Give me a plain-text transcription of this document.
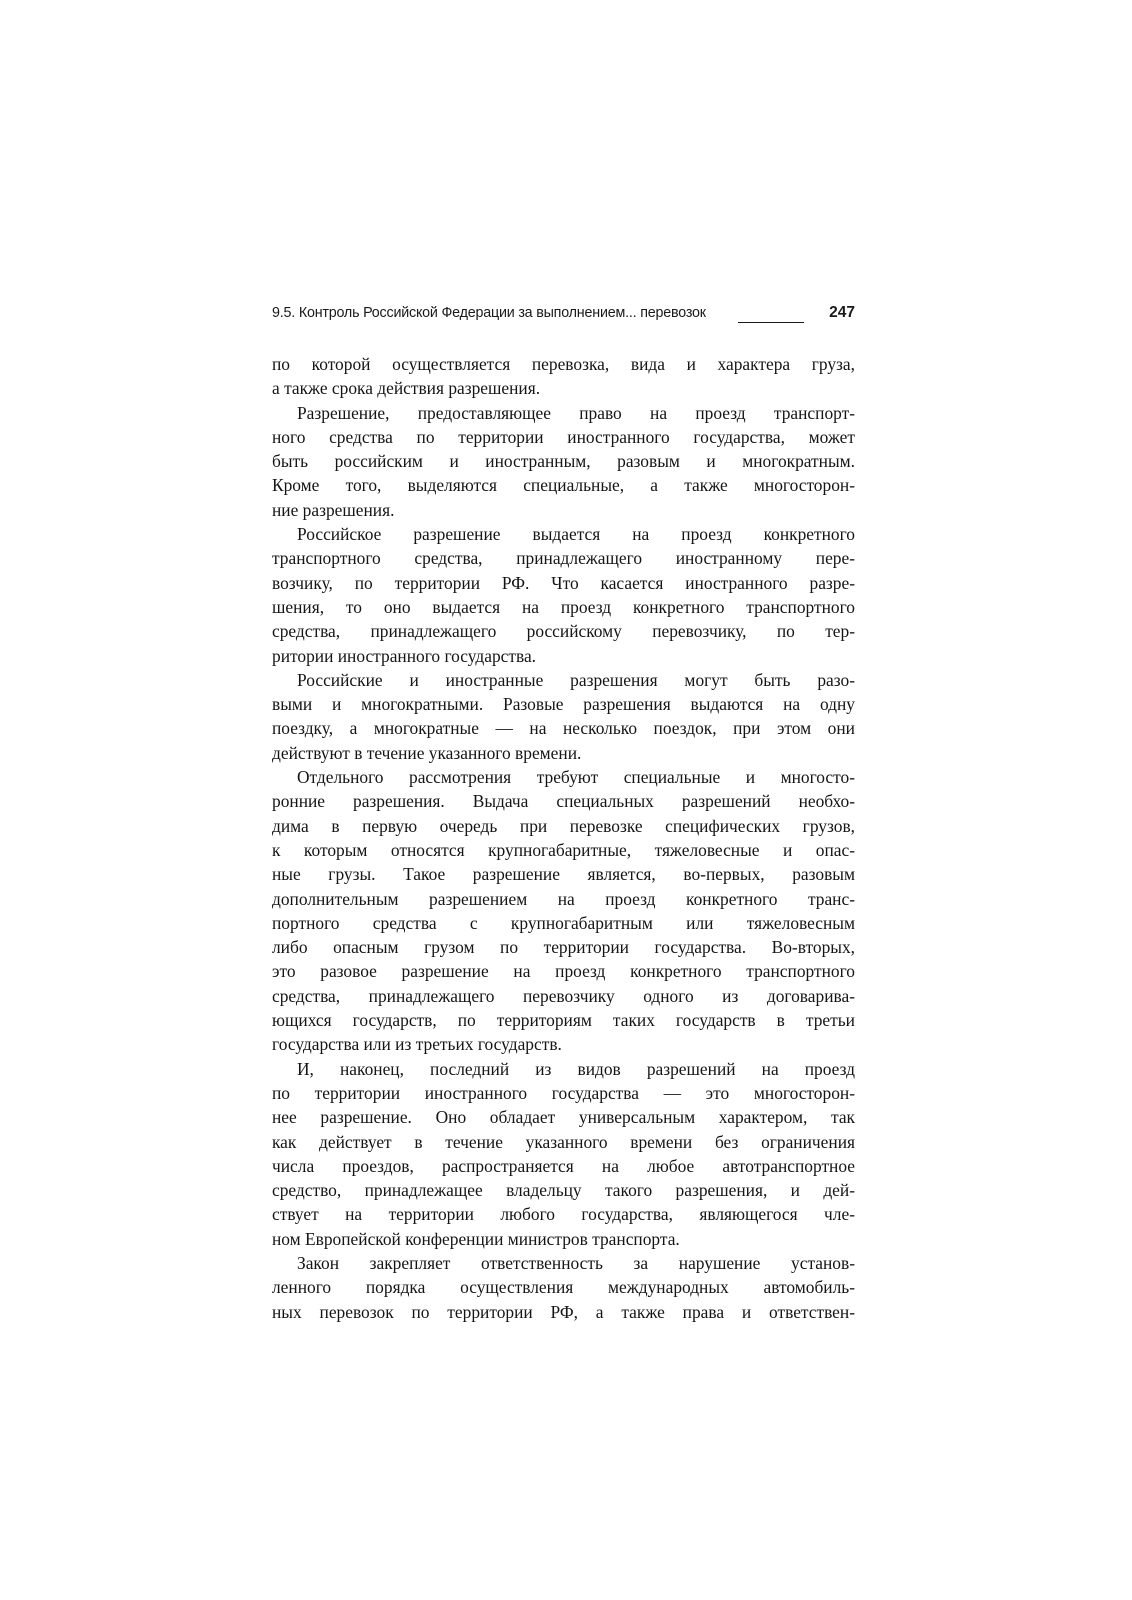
9.5. Контроль Российской Федерации за выполнением... перевозок	247
по которой осуществляется перевозка, вида и характера груза,
а также срока действия разрешения.
Разрешение, предоставляющее право на проезд транспорт-
ного средства по территории иностранного государства, может
быть российским и иностранным, разовым и многократным.
Кроме того, выделяются специальные, а также многосторон-
ние разрешения.
Российское разрешение выдается на проезд конкретного
транспортного средства, принадлежащего иностранному пере-
возчику, по территории РФ. Что касается иностранного разре-
шения, то оно выдается на проезд конкретного транспортного
средства, принадлежащего российскому перевозчику, по тер-
ритории иностранного государства.
Российские и иностранные разрешения могут быть разо-
выми и многократными. Разовые разрешения выдаются на одну
поездку, а многократные — на несколько поездок, при этом они
действуют в течение указанного времени.
Отдельного рассмотрения требуют специальные и многосто-
ронние разрешения. Выдача специальных разрешений необхо-
дима в первую очередь при перевозке специфических грузов,
к которым относятся крупногабаритные, тяжеловесные и опас-
ные грузы. Такое разрешение является, во-первых, разовым
дополнительным разрешением на проезд конкретного транс-
портного средства с крупногабаритным или тяжеловесным
либо опасным грузом по территории государства. Во-вторых,
это разовое разрешение на проезд конкретного транспортного
средства, принадлежащего перевозчику одного из договарива-
ющихся государств, по территориям таких государств в третьи
государства или из третьих государств.
И, наконец, последний из видов разрешений на проезд
по территории иностранного государства — это многосторон-
нее разрешение. Оно обладает универсальным характером, так
как действует в течение указанного времени без ограничения
числа проездов, распространяется на любое автотранспортное
средство, принадлежащее владельцу такого разрешения, и дей-
ствует на территории любого государства, являющегося чле-
ном Европейской конференции министров транспорта.
Закон закрепляет ответственность за нарушение установ-
ленного порядка осуществления международных автомобиль-
ных перевозок по территории РФ, а также права и ответствен-
